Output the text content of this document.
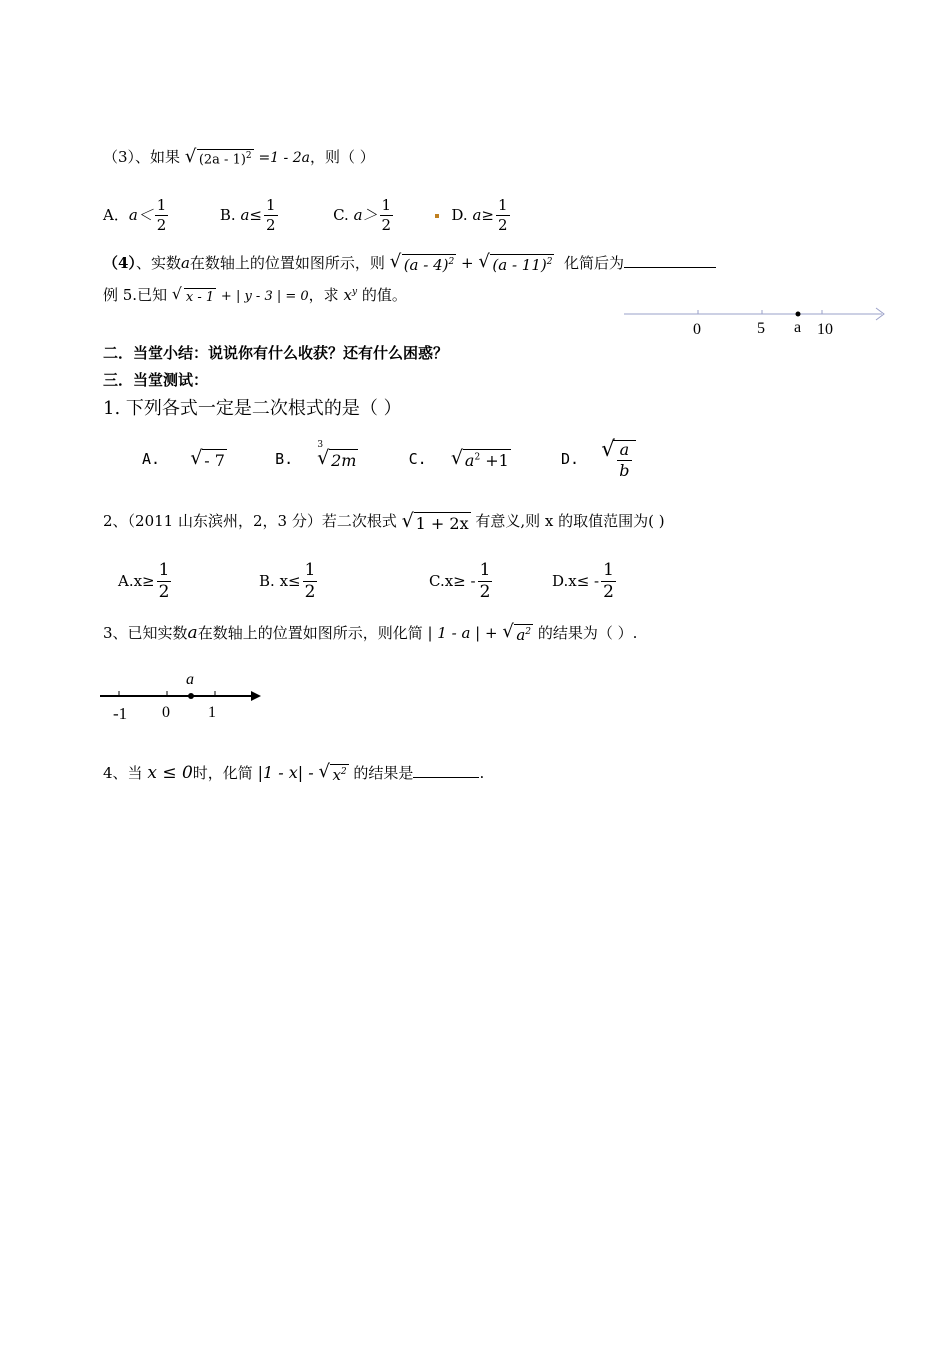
（3）、如果 √ (2a - 1)$^2$ =1 - 2a，则（ ）
A．$a< \frac{1}{2}$	B. $a\le \frac{1}{2}$	C. $a> \frac{1}{2}$	D. $a\ge \frac{1}{2}$
（4）、实数a在数轴上的位置如图所示，则 √ (a - 4)$^2$ + √ (a - 11)$^2$ 化简后为
例 5.已知 √ x - 1 + | y - 3 | = 0，求 $x^y$ 的值。
0	5 a 10
二．当堂小结：说说你有什么收获？还有什么困惑？
三．当堂测试：
1. 下列各式一定是二次根式的是（ ）
A.	√ - 7	B.  $^3$√ 2m	C. √ $a^2 +1$	D. √ $\frac{a}{b}$
2、（2011 山东滨州，2，3 分）若二次根式 √ 1 + 2x 有意义,则 x 的取值范围为( )
$A.x\ge \frac{1}{2}$	B. $x\le \frac{1}{2}$	$C.x\ge - \frac{1}{2}$	$D.x\le - \frac{1}{2}$
3、已知实数a在数轴上的位置如图所示，则化简 | 1 - a | + √ $a^2$ 的结果为（ ）.
a
-1 0 1
4、当 x ≤ 0时，化简 |1 - x| - √ $x^2$ 的结果是	.
